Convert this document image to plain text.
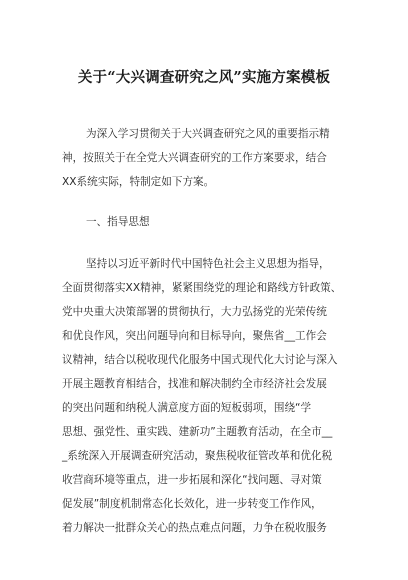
关于“大兴调查研究之风”实施方案模板
为深入学习贯彻关于大兴调查研究之风的重要指示精
神，按照关于在全党大兴调查研究的工作方案要求，结合
XX系统实际，特制定如下方案。
一、指导思想
坚持以习近平新时代中国特色社会主义思想为指导，
全面贯彻落实XX精神，紧紧围绕党的理论和路线方针政策、
党中央重大决策部署的贯彻执行，大力弘扬党的光荣传统
和优良作风，突出问题导向和目标导向，聚焦省__工作会
议精神，结合以税收现代化服务中国式现代化大讨论与深入
开展主题教育相结合，找准和解决制约全市经济社会发展
的突出问题和纳税人满意度方面的短板弱项，围绕“学
思想、强党性、重实践、建新功”主题教育活动，在全市__
_系统深入开展调查研究活动，聚焦税收征管改革和优化税
收营商环境等重点，进一步拓展和深化“找问题、寻对策
促发展”制度机制常态化长效化，进一步转变工作作风，
着力解决一批群众关心的热点难点问题，力争在税收服务
